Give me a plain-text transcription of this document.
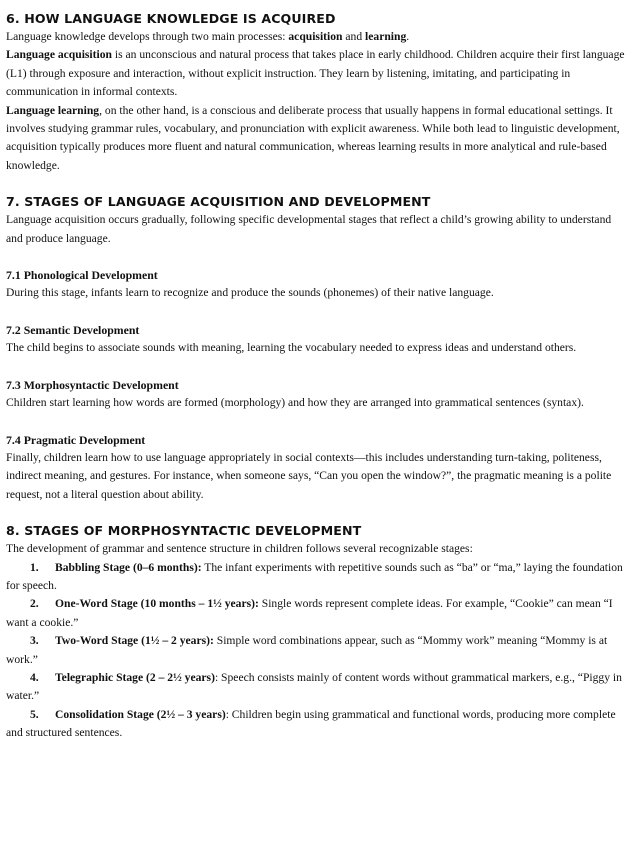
6. HOW LANGUAGE KNOWLEDGE IS ACQUIRED

Language knowledge develops through two main processes: acquisition and learning.

Language acquisition is an unconscious and natural process that takes place in early childhood. Children acquire their first language (L1) through exposure and interaction, without explicit instruction. They learn by listening, imitating, and participating in communication in informal contexts.

Language learning, on the other hand, is a conscious and deliberate process that usually happens in formal educational settings. It involves studying grammar rules, vocabulary, and pronunciation with explicit awareness. While both lead to linguistic development, acquisition typically produces more fluent and natural communication, whereas learning results in more analytical and rule-based knowledge.

7. STAGES OF LANGUAGE ACQUISITION AND DEVELOPMENT

Language acquisition occurs gradually, following specific developmental stages that reflect a child’s growing ability to understand and produce language.

7.1 Phonological Development

During this stage, infants learn to recognize and produce the sounds (phonemes) of their native language.

7.2 Semantic Development

The child begins to associate sounds with meaning, learning the vocabulary needed to express ideas and understand others.

7.3 Morphosyntactic Development

Children start learning how words are formed (morphology) and how they are arranged into grammatical sentences (syntax).

7.4 Pragmatic Development

Finally, children learn how to use language appropriately in social contexts—this includes understanding turn-taking, politeness, indirect meaning, and gestures. For instance, when someone says, “Can you open the window?”, the pragmatic meaning is a polite request, not a literal question about ability.

8. STAGES OF MORPHOSYNTACTIC DEVELOPMENT

The development of grammar and sentence structure in children follows several recognizable stages:

1. Babbling Stage (0–6 months): The infant experiments with repetitive sounds such as “ba” or “ma,” laying the foundation for speech.
2. One-Word Stage (10 months – 1½ years): Single words represent complete ideas. For example, “Cookie” can mean “I want a cookie.”
3. Two-Word Stage (1½ – 2 years): Simple word combinations appear, such as “Mommy work” meaning “Mommy is at work.”
4. Telegraphic Stage (2 – 2½ years): Speech consists mainly of content words without grammatical markers, e.g., “Piggy in water.”
5. Consolidation Stage (2½ – 3 years): Children begin using grammatical and functional words, producing more complete and structured sentences.
